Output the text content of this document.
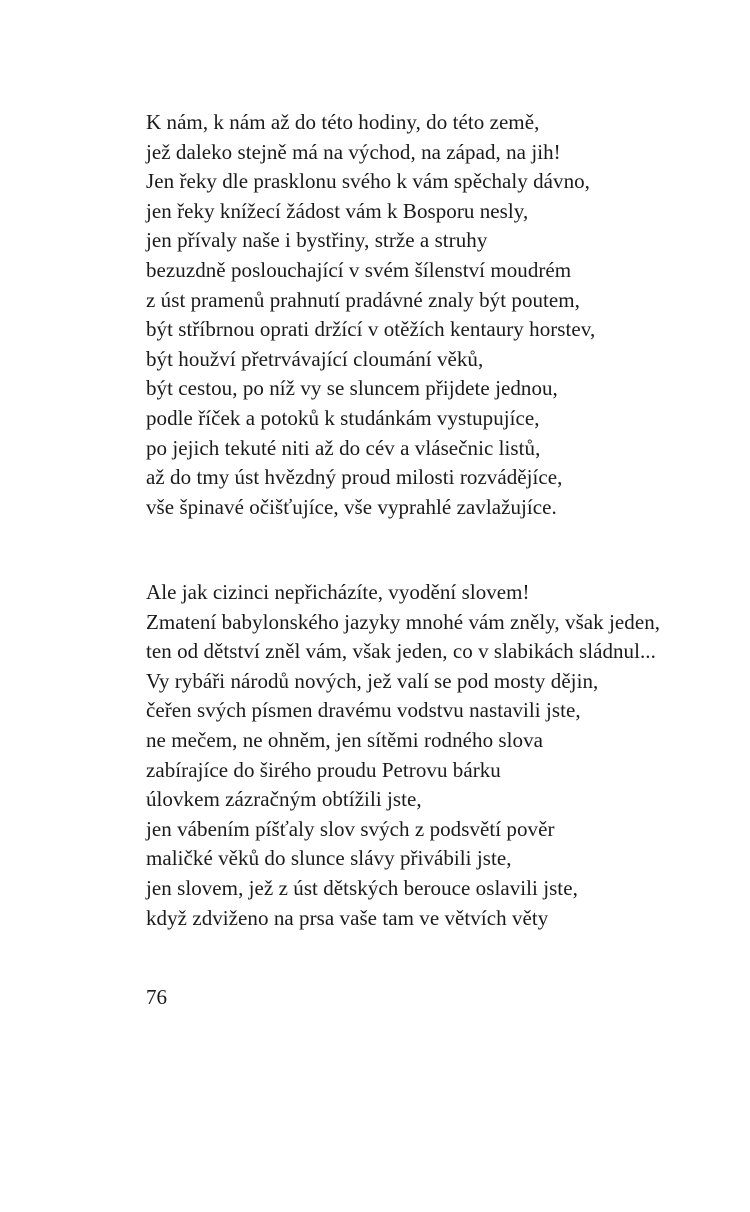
K nám, k nám až do této hodiny, do této země,
jež daleko stejně má na východ, na západ, na jih!
Jen řeky dle prasklonu svého k vám spěchaly dávno,
jen řeky knížecí žádost vám k Bosporu nesly,
jen přívaly naše i bystřiny, strže a struhy
bezuzdně poslouchající v svém šílenství moudrém
z úst pramenů prahnutí pradávné znaly být poutem,
být stříbrnou oprati držící v otěžích kentaury horstev,
být houžví přetrvávající cloumání věků,
být cestou, po níž vy se sluncem přijdete jednou,
podle říček a potoků k studánkám vystupujíce,
po jejich tekuté niti až do cév a vlásečnic listů,
až do tmy úst hvězdný proud milosti rozvádějíce,
vše špinavé očišťujíce, vše vyprahlé zavlažujíce.
Ale jak cizinci nepřicházíte, vyodění slovem!
Zmatení babylonského jazyky mnohé vám zněly, však jeden,
ten od dětství zněl vám, však jeden, co v slabikách sládnul...
Vy rybáři národů nových, jež valí se pod mosty dějin,
čeřen svých písmen dravému vodstvu nastavili jste,
ne mečem, ne ohněm, jen sítěmi rodného slova
zabírajíce do širého proudu Petrovu bárku
úlovkem zázračným obtížili jste,
jen vábením píšťaly slov svých z podsvětí pověr
maličké věků do slunce slávy přivábili jste,
jen slovem, jež z úst dětských berouce oslavili jste,
když zdviženo na prsa vaše tam ve větvích věty
76
